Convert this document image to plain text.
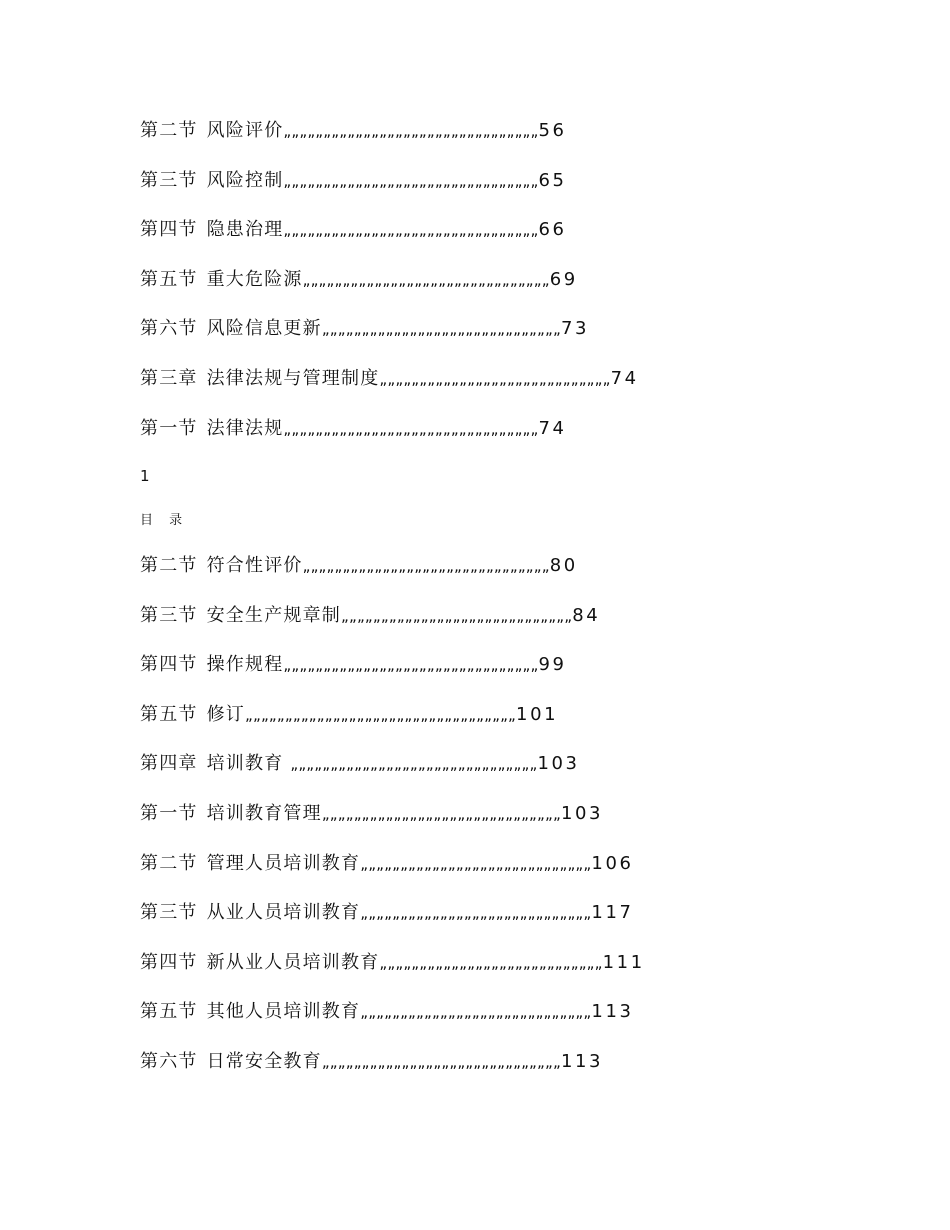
第二节 风险评价„„„„„„„„„„„„„„„„„„„„„„„„„„„„„„„„56
第三节 风险控制„„„„„„„„„„„„„„„„„„„„„„„„„„„„„„„„65
第四节 隐患治理„„„„„„„„„„„„„„„„„„„„„„„„„„„„„„„„66
第五节 重大危险源„„„„„„„„„„„„„„„„„„„„„„„„„„„„„„„69
第六节 风险信息更新„„„„„„„„„„„„„„„„„„„„„„„„„„„„„„73
第三章 法律法规与管理制度„„„„„„„„„„„„„„„„„„„„„„„„„„„„„74
第一节 法律法规„„„„„„„„„„„„„„„„„„„„„„„„„„„„„„„„74
1
目 录
第二节 符合性评价„„„„„„„„„„„„„„„„„„„„„„„„„„„„„„„80
第三节 安全生产规章制„„„„„„„„„„„„„„„„„„„„„„„„„„„„„84
第四节 操作规程„„„„„„„„„„„„„„„„„„„„„„„„„„„„„„„„99
第五节 修订„„„„„„„„„„„„„„„„„„„„„„„„„„„„„„„„„„101
第四章 培训教育 „„„„„„„„„„„„„„„„„„„„„„„„„„„„„„„103
第一节 培训教育管理„„„„„„„„„„„„„„„„„„„„„„„„„„„„„„103
第二节 管理人员培训教育„„„„„„„„„„„„„„„„„„„„„„„„„„„„„106
第三节 从业人员培训教育„„„„„„„„„„„„„„„„„„„„„„„„„„„„„117
第四节 新从业人员培训教育„„„„„„„„„„„„„„„„„„„„„„„„„„„„111
第五节 其他人员培训教育„„„„„„„„„„„„„„„„„„„„„„„„„„„„„113
第六节 日常安全教育„„„„„„„„„„„„„„„„„„„„„„„„„„„„„„113
